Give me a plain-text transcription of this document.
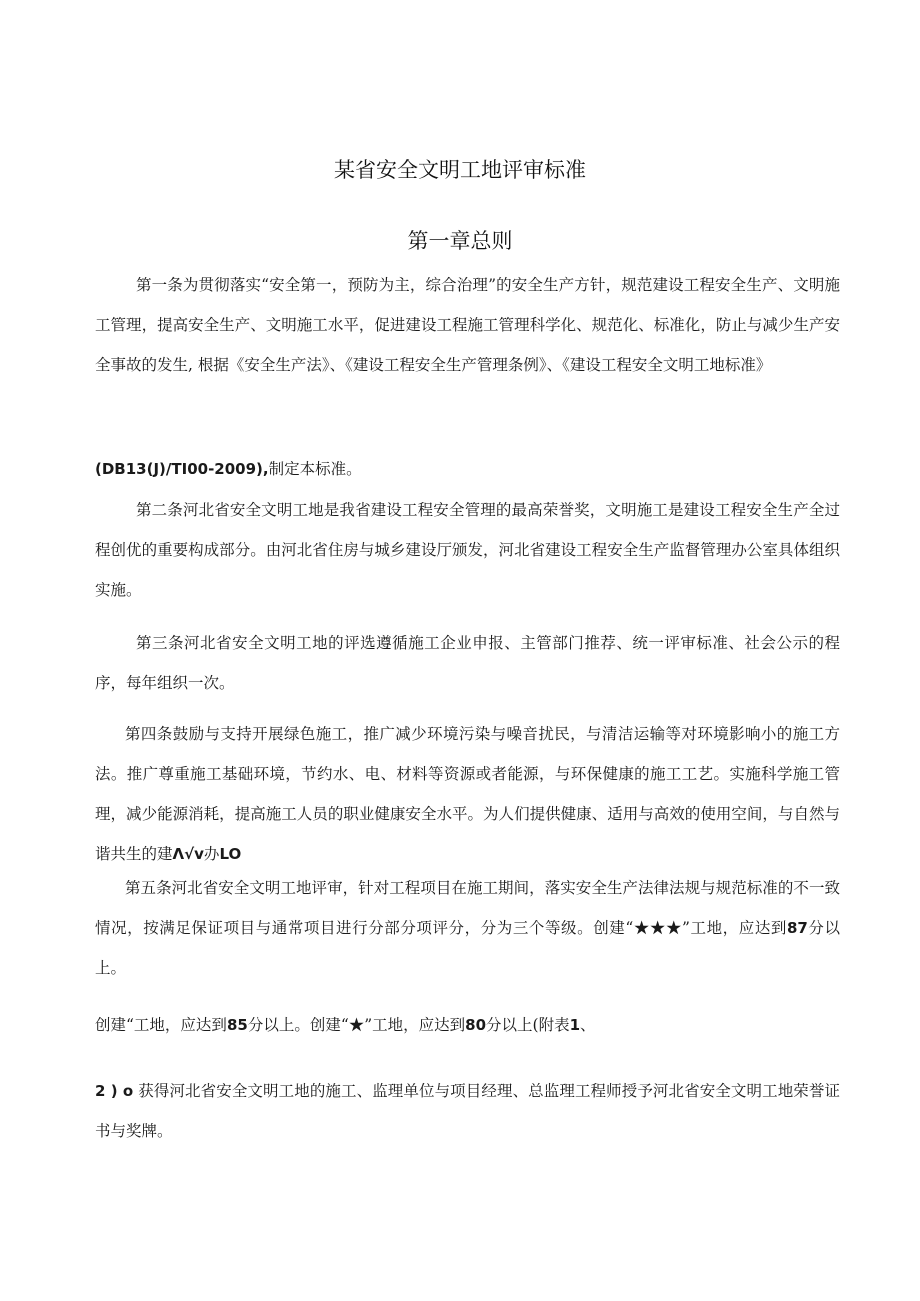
某省安全文明工地评审标准
第一章总则

第一条为贯彻落实“安全第一，预防为主，综合治理”的安全生产方针，规范建设工程安全生产、文明施工管理，提高安全生产、文明施工水平，促进建设工程施工管理科学化、规范化、标准化，防止与减少生产安全事故的发生, 根据《安全生产法》、《建设工程安全生产管理条例》、《建设工程安全文明工地标准》

(DB13(J)/TI00-2009),制定本标准。

第二条河北省安全文明工地是我省建设工程安全管理的最高荣誉奖，文明施工是建设工程安全生产全过程创优的重要构成部分。由河北省住房与城乡建设厅颁发，河北省建设工程安全生产监督管理办公室具体组织实施。

第三条河北省安全文明工地的评选遵循施工企业申报、主管部门推荐、统一评审标准、社会公示的程序，每年组织一次。

第四条鼓励与支持开展绿色施工，推广减少环境污染与噪音扰民，与清洁运输等对环境影响小的施工方法。推广尊重施工基础环境，节约水、电、材料等资源或者能源，与环保健康的施工工艺。实施科学施工管理，减少能源消耗，提高施工人员的职业健康安全水平。为人们提供健康、适用与高效的使用空间，与自然与谐共生的建Λ√v办LO

第五条河北省安全文明工地评审，针对工程项目在施工期间，落实安全生产法律法规与规范标准的不一致情况，按满足保证项目与通常项目进行分部分项评分，分为三个等级。创建“★★★”工地，应达到87分以上。

创建“工地，应达到85分以上。创建“★”工地，应达到80分以上(附表1、

2 ) o 获得河北省安全文明工地的施工、监理单位与项目经理、总监理工程师授予河北省安全文明工地荣誉证书与奖牌。
